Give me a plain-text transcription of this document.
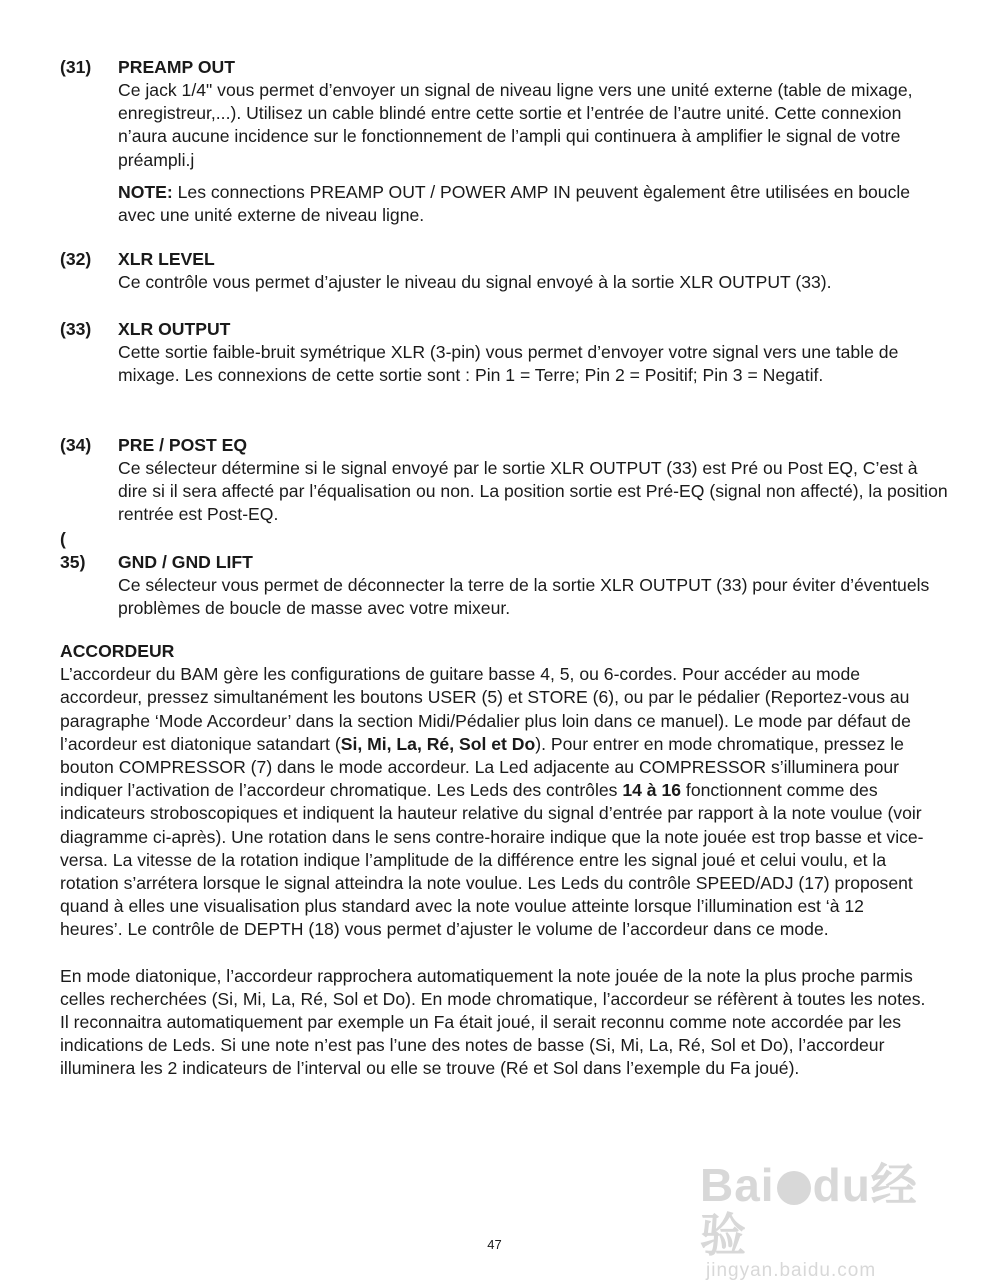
(31)	PREAMP OUT

Ce jack 1/4" vous permet d’envoyer un signal de niveau ligne vers une unité externe (table de mixage, enregistreur,...). Utilisez un cable blindé entre cette sortie et l’entrée de l’autre unité. Cette connexion n’aura aucune incidence sur le fonctionnement de l’ampli qui continuera à amplifier le signal de votre préampli.j

NOTE: Les connections PREAMP OUT / POWER AMP IN peuvent ègalement être utilisées en boucle avec une unité externe de niveau ligne.

(32)	XLR LEVEL

Ce contrôle vous permet d’ajuster le niveau du signal envoyé à la sortie XLR OUTPUT (33).

(33)	XLR OUTPUT

Cette sortie faible-bruit symétrique XLR (3-pin) vous permet d’envoyer votre signal vers une table de mixage. Les connexions de cette sortie sont : Pin 1 = Terre; Pin 2 = Positif; Pin 3 = Negatif.

(34)	PRE / POST EQ

Ce sélecteur détermine si le signal envoyé par le sortie XLR OUTPUT (33) est Pré ou Post EQ, C’est à dire si il sera affecté par l’équalisation ou non. La position sortie est Pré-EQ (signal non affecté), la position rentrée est Post-EQ.

(
35)	GND / GND LIFT

Ce sélecteur vous permet de déconnecter la terre de la sortie XLR OUTPUT (33) pour éviter d’éventuels problèmes de boucle de masse avec votre mixeur.

ACCORDEUR

L’accordeur du BAM gère les configurations de guitare basse 4, 5, ou 6-cordes. Pour accéder au mode accordeur, pressez simultanément les boutons USER (5) et STORE (6), ou par le pédalier (Reportez-vous au paragraphe ‘Mode Accordeur’ dans la section Midi/Pédalier plus loin dans ce manuel). Le mode par défaut de l’acordeur est diatonique satandart (Si, Mi, La, Ré, Sol et Do). Pour entrer en mode chromatique, pressez le bouton COMPRESSOR (7) dans le mode accordeur. La Led adjacente au COMPRESSOR s’illuminera pour indiquer l’activation de l’accordeur chromatique. Les Leds des contrôles 14 à 16 fonctionnent comme des indicateurs stroboscopiques et indiquent la hauteur relative du signal d’entrée par rapport à la note voulue (voir diagramme ci-après). Une rotation dans le sens contre-horaire indique que la note jouée est trop basse et vice-versa. La vitesse de la rotation indique l’amplitude de la différence entre les signal joué et celui voulu, et la rotation s’arrétera lorsque le signal atteindra la note voulue. Les Leds du contrôle SPEED/ADJ (17) proposent quand à elles une visualisation plus standard avec la note voulue atteinte lorsque l’illumination est ‘à 12 heures’. Le contrôle de DEPTH (18) vous permet d’ajuster le volume de l’accordeur dans ce mode.

En mode diatonique, l’accordeur rapprochera automatiquement la note jouée de la note la plus proche parmis celles recherchées (Si, Mi, La, Ré, Sol et Do). En mode chromatique, l’accordeur se réfèrent à toutes les notes. Il reconnaitra automatiquement par exemple un Fa était joué, il serait reconnu comme note accordée par les indications de Leds. Si une note n’est pas l’une des notes de basse (Si, Mi, La, Ré, Sol et Do), l’accordeur illuminera les 2 indicateurs de l’interval ou elle se trouve (Ré et Sol dans l’exemple du Fa joué).

Bai du经验
jingyan.baidu.com
47
